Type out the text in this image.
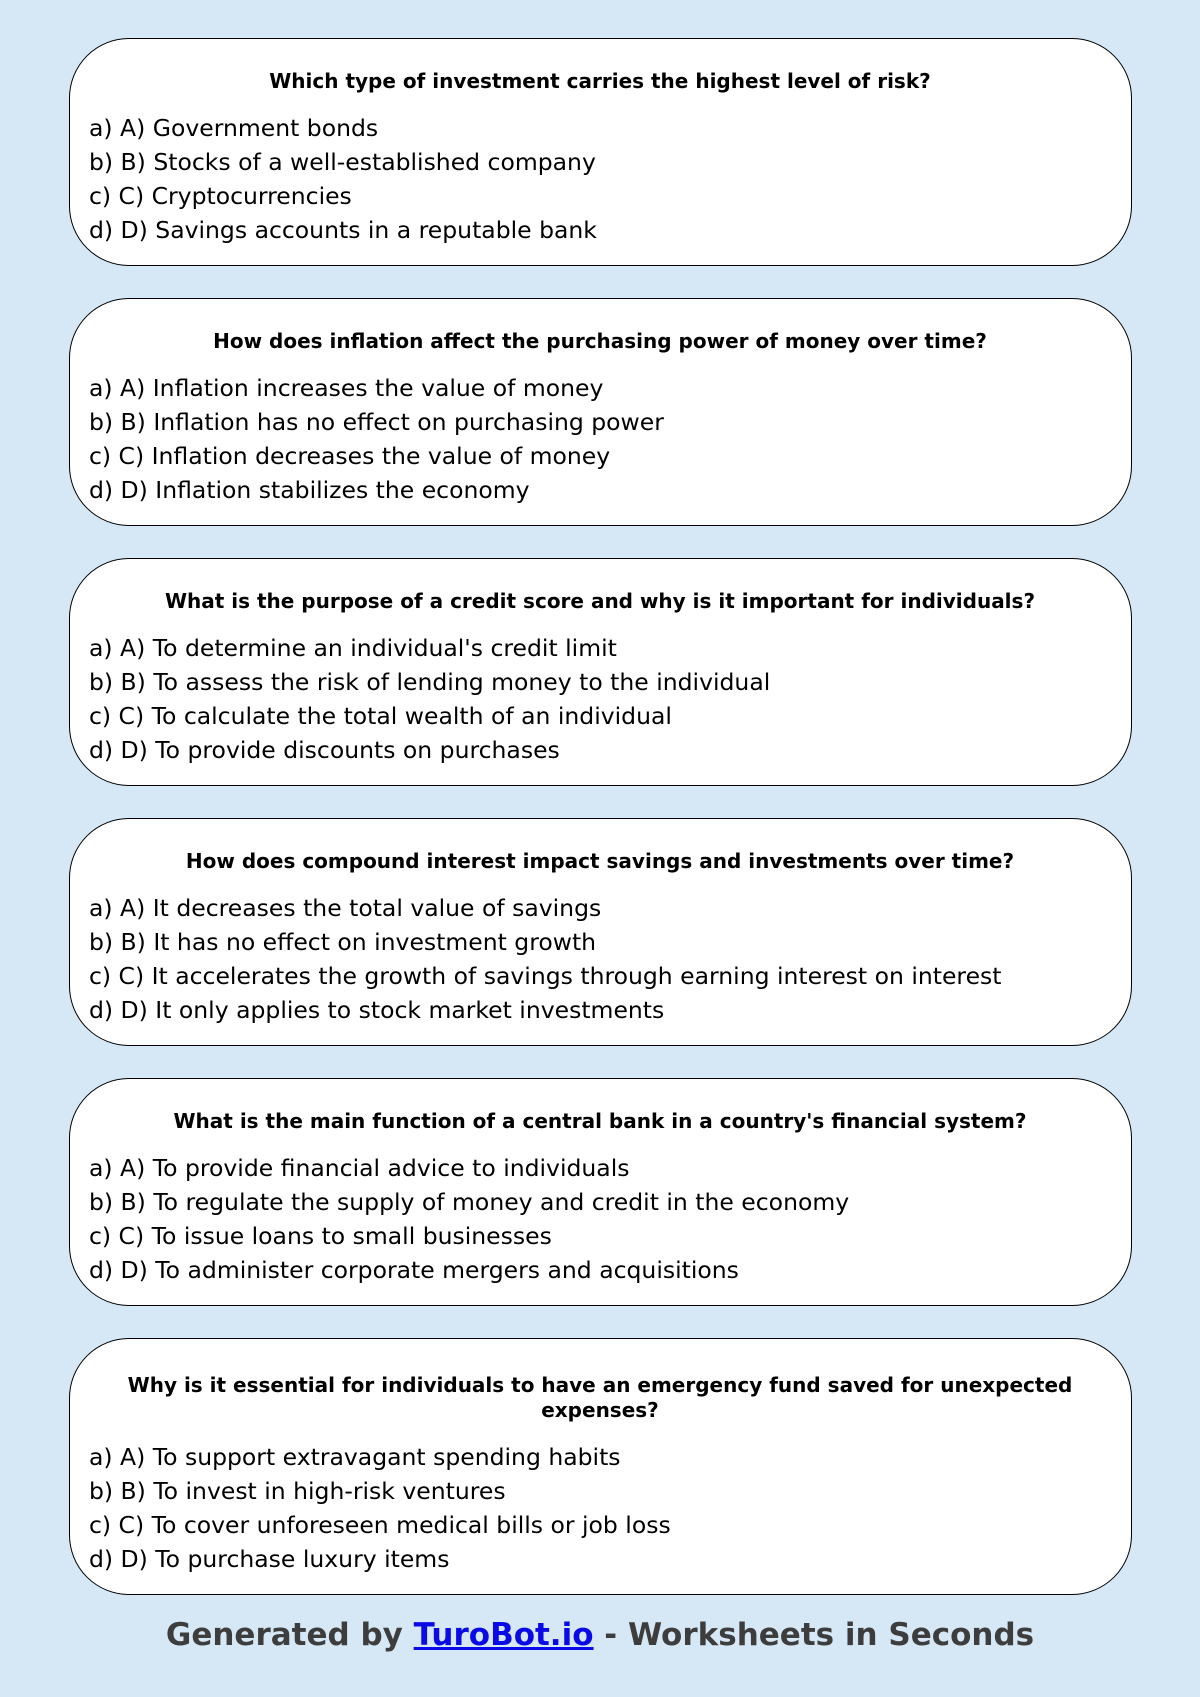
Which type of investment carries the highest level of risk?
a) A) Government bonds
b) B) Stocks of a well-established company
c) C) Cryptocurrencies
d) D) Savings accounts in a reputable bank
How does inflation affect the purchasing power of money over time?
a) A) Inflation increases the value of money
b) B) Inflation has no effect on purchasing power
c) C) Inflation decreases the value of money
d) D) Inflation stabilizes the economy
What is the purpose of a credit score and why is it important for individuals?
a) A) To determine an individual's credit limit
b) B) To assess the risk of lending money to the individual
c) C) To calculate the total wealth of an individual
d) D) To provide discounts on purchases
How does compound interest impact savings and investments over time?
a) A) It decreases the total value of savings
b) B) It has no effect on investment growth
c) C) It accelerates the growth of savings through earning interest on interest
d) D) It only applies to stock market investments
What is the main function of a central bank in a country's financial system?
a) A) To provide financial advice to individuals
b) B) To regulate the supply of money and credit in the economy
c) C) To issue loans to small businesses
d) D) To administer corporate mergers and acquisitions
Why is it essential for individuals to have an emergency fund saved for unexpected expenses?
a) A) To support extravagant spending habits
b) B) To invest in high-risk ventures
c) C) To cover unforeseen medical bills or job loss
d) D) To purchase luxury items
Generated by TuroBot.io - Worksheets in Seconds
